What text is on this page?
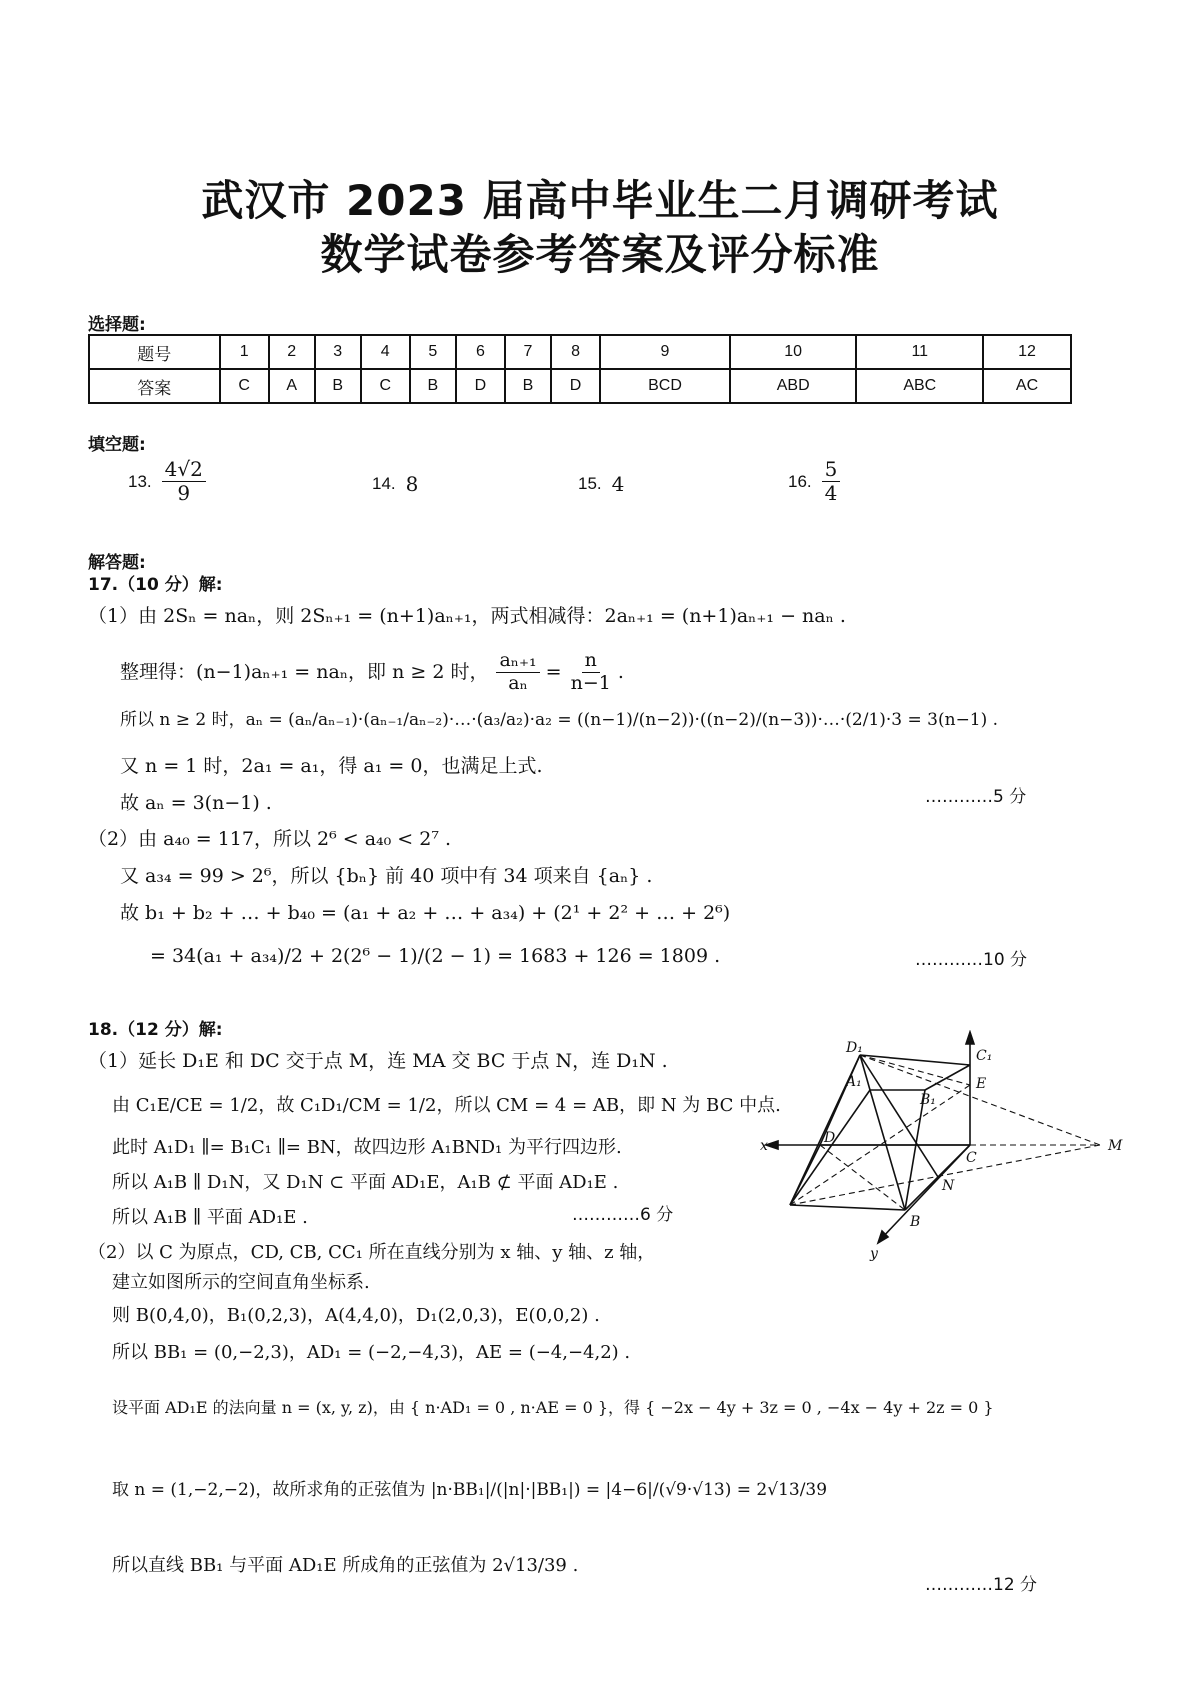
武汉市 2023 届高中毕业生二月调研考试
数学试卷参考答案及评分标准
选择题:
题号	1	2	3	4	5	6	7	8	9	10	11	12
答案	C	A	B	C	B	D	B	D	BCD	ABD	ABC	AC
填空题:
13. $\frac{4√2}{9}$	14. 8	15. 4	16. $\frac{5}{4}$
解答题:
17.（10 分）解:
（1）由 2Sₙ = naₙ，则 2Sₙ₊₁ = (n+1)aₙ₊₁，两式相减得：2aₙ₊₁ = (n+1)aₙ₊₁ − naₙ .
整理得：(n−1)aₙ₊₁ = naₙ，即 n ≥ 2 时， $\frac{\text{aₙ₊₁}}{\text{aₙ}} = \frac{n}{n-1}$ .
所以 n ≥ 2 时，aₙ = (aₙ/aₙ₋₁)·(aₙ₋₁/aₙ₋₂)·…·(a₃/a₂)·a₂ = ((n−1)/(n−2))·((n−2)/(n−3))·…·(2/1)·3 = 3(n−1) .
又 n = 1 时，2a₁ = a₁，得 a₁ = 0，也满足上式.
故 aₙ = 3(n−1) .	…………5 分
（2）由 a₄₀ = 117，所以 2⁶ < a₄₀ < 2⁷ .
又 a₃₄ = 99 > 2⁶，所以 {bₙ} 前 40 项中有 34 项来自 {aₙ} .
故 b₁ + b₂ + … + b₄₀ = (a₁ + a₂ + … + a₃₄) + (2¹ + 2² + … + 2⁶)
= 34(a₁ + a₃₄)/2 + 2(2⁶ − 1)/(2 − 1) = 1683 + 126 = 1809 .	…………10 分
18.（12 分）解:
（1）延长 D₁E 和 DC 交于点 M，连 MA 交 BC 于点 N，连 D₁N .
由 C₁E/CE = 1/2，故 C₁D₁/CM = 1/2，所以 CM = 4 = AB，即 N 为 BC 中点.
此时 A₁D₁ ∥= B₁C₁ ∥= BN，故四边形 A₁BND₁ 为平行四边形.
所以 A₁B ∥ D₁N，又 D₁N ⊂ 平面 AD₁E，A₁B ⊄ 平面 AD₁E .
所以 A₁B ∥ 平面 AD₁E .	…………6 分
（2）以 C 为原点，CD, CB, CC₁ 所在直线分别为 x 轴、y 轴、z 轴，
建立如图所示的空间直角坐标系.
则 B(0,4,0)，B₁(0,2,3)，A(4,4,0)，D₁(2,0,3)，E(0,0,2) .
所以 BB₁ = (0,−2,3)，AD₁ = (−2,−4,3)，AE = (−4,−4,2) .
设平面 AD₁E 的法向量 n = (x, y, z)，由 { n·AD₁ = 0 , n·AE = 0 }，得 { −2x − 4y + 3z = 0 , −4x − 4y + 2z = 0 }
取 n = (1,−2,−2)，故所求角的正弦值为 |n·BB₁|/(|n|·|BB₁|) = |4−6|/(√9·√13) = 2√13/39
所以直线 BB₁ 与平面 AD₁E 所成角的正弦值为 2√13/39 .
…………12 分
D₁	C₁
A₁
B₁
E
x	D
C
M
N
B
y
